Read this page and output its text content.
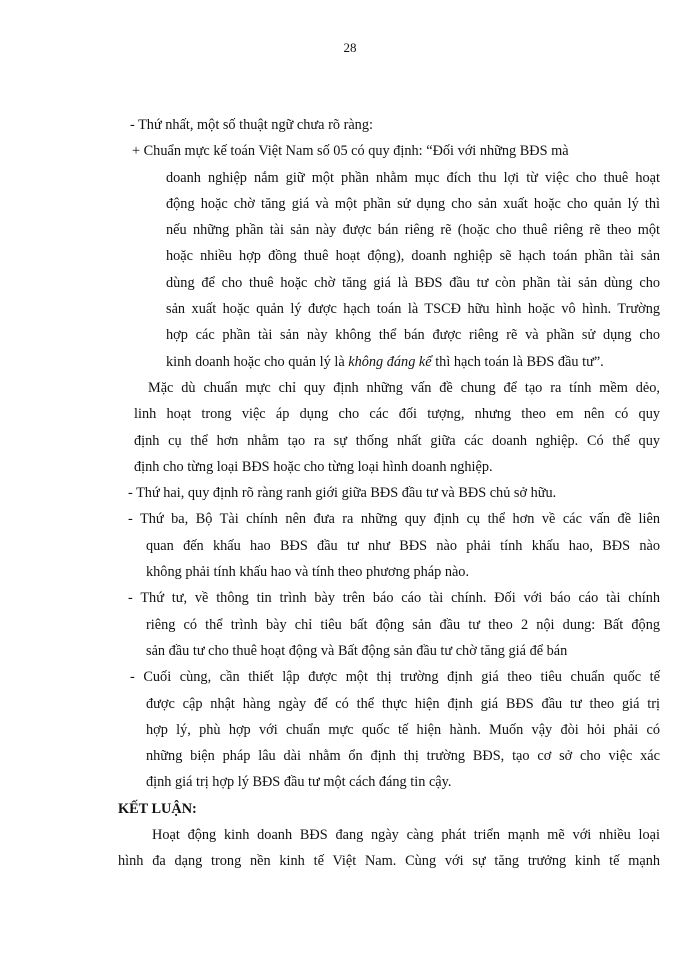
28
- Thứ nhất, một số thuật ngữ chưa rõ ràng:
+ Chuẩn mực kế toán Việt Nam số 05 có quy định: “Đối với những BĐS mà
doanh nghiệp nắm giữ một phần nhằm mục đích thu lợi từ việc cho thuê hoạt
động hoặc chờ tăng giá và một phần sử dụng cho sản xuất hoặc cho quản lý thì
nếu những phần tài sản này được bán riêng rẽ (hoặc cho thuê riêng rẽ theo một
hoặc nhiều hợp đồng thuê hoạt động), doanh nghiệp sẽ hạch toán phần tài sản
dùng để cho thuê hoặc chờ tăng giá là BĐS đầu tư còn phần tài sản dùng cho
sản xuất hoặc quản lý được hạch toán là TSCĐ hữu hình hoặc vô hình. Trường
hợp các phần tài sản này không thể bán được riêng rẽ và phần sử dụng cho
kinh doanh hoặc cho quản lý là không đáng kể thì hạch toán là BĐS đầu tư”.
Mặc dù chuẩn mực chỉ quy định những vấn đề chung để tạo ra tính mềm dẻo,
linh hoạt trong việc áp dụng cho các đối tượng, nhưng theo em nên có quy
định cụ thể hơn nhằm tạo ra sự thống nhất giữa các doanh nghiệp. Có thể quy
định cho từng loại BĐS hoặc cho từng loại hình doanh nghiệp.
- Thứ hai, quy định rõ ràng ranh giới giữa BĐS đầu tư và BĐS chủ sở hữu.
- Thứ ba, Bộ Tài chính nên đưa ra những quy định cụ thể hơn về các vấn đề liên
quan đến khấu hao BĐS đầu tư như BĐS nào phải tính khấu hao, BĐS nào
không phải tính khấu hao và tính theo phương pháp nào.
- Thứ tư, về thông tin trình bày trên báo cáo tài chính. Đối với báo cáo tài chính
riêng có thể trình bày chỉ tiêu bất động sản đầu tư theo 2 nội dung: Bất động
sản đầu tư cho thuê hoạt động và Bất động sản đầu tư chờ tăng giá để bán
- Cuối cùng, cần thiết lập được một thị trường định giá theo tiêu chuẩn quốc tế
được cập nhật hàng ngày để có thể thực hiện định giá BĐS đầu tư theo giá trị
hợp lý, phù hợp với chuẩn mực quốc tế hiện hành. Muốn vậy đòi hỏi phải có
những biện pháp lâu dài nhằm ổn định thị trường BĐS, tạo cơ sở cho việc xác
định giá trị hợp lý BĐS đầu tư một cách đáng tin cậy.
KẾT LUẬN:
Hoạt động kinh doanh BĐS đang ngày càng phát triển mạnh mẽ với nhiều loại
hình đa dạng trong nền kinh tế Việt Nam. Cùng với sự tăng trưởng kinh tế mạnh
